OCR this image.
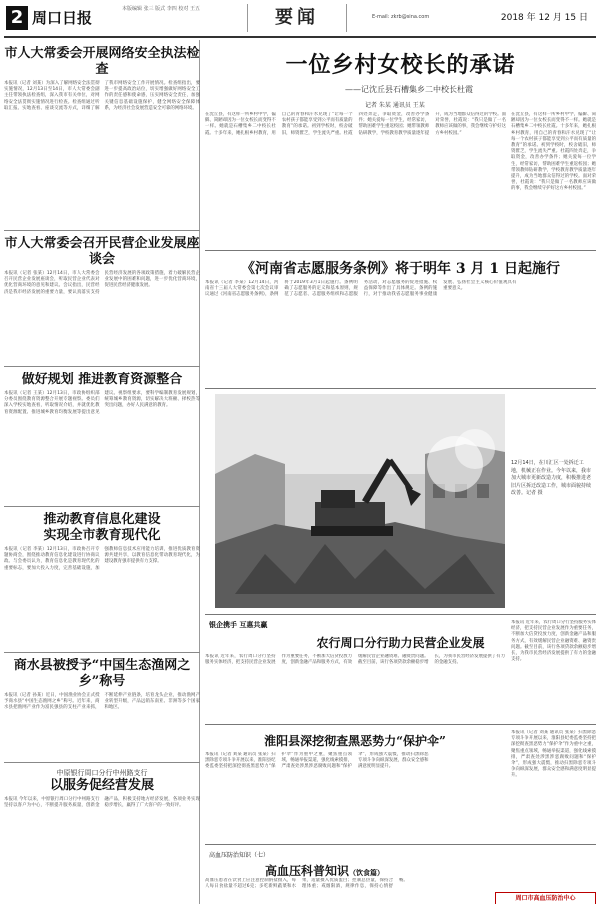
2 周口日报	本版编辑 张三 版式 李四 校对 王五	要闻	E-mail: zkrb@sina.com	2018 年 12 月 15 日
市人大常委会开展网络安全执法检查
本报讯（记者 刘某）为深入了解网络安全法贯彻实施情况，12月13日至14日，市人大常委会副主任带领执法检查组，深入我市有关单位，对网络安全法贯彻实施情况进行检查。检查组通过听取汇报、实地查看、座谈交流等方式，详细了解了我市网络安全工作开展情况。检查组指出，要进一步提高政治站位，切实增强做好网络安全工作的责任感和使命感，压实网络安全责任，加强关键信息基础设施保护，健全网络安全保障体系，为经济社会发展营造安全可靠的网络环境。
市人大常委会召开民营企业发展座谈会
本报讯（记者 张某）12月14日，市人大常委会召开民营企业发展座谈会，听取民营企业代表对优化营商环境的意见和建议。会议指出，民营经济是我市经济发展的重要力量，要认真落实支持民营经济发展的各项政策措施，着力破解民营企业发展中的困难和问题，进一步优化营商环境，促进民营经济健康发展。
做好规划 推进教育资源整合
本报讯（记者 王某）12月13日，市政协组织部分委员围绕教育资源整合开展专题视察。委员们深入学校实地查看，听取情况介绍，并就优化教育资源配置、推进城乡教育均衡发展等提出意见建议。视察组要求，要科学编制教育发展规划，统筹城乡教育资源，切实解决大班额、择校热等突出问题，办好人民满意的教育。
推动教育信息化建设
实现全市教育现代化
本报讯（记者 李某）12月13日，市政协召开专题协商会，围绕推动教育信息化建设进行协商议政。与会委员认为，教育信息化是教育现代化的重要标志，要加大投入力度，完善基础设施，加强教师信息技术应用能力培训，推进优质教育资源共建共享，以教育信息化带动教育现代化，为建设教育强市提供有力支撑。
商水县被授予“中国生态渔网之乡”称号
本报讯（记者 孙某）近日，中国渔业协会正式授予商水县“中国生态渔网之乡”称号。近年来，商水县把渔网产业作为富民强县的支柱产业来抓，不断延伸产业链条，培育龙头企业，推动渔网产业转型升级，产品远销东南亚、非洲等多个国家和地区。
中原银行周口分行中州路支行
以服务促经营发展
本报讯 今年以来，中原银行周口分行中州路支行坚持以客户为中心，不断提升服务质量，创新金融产品，积极支持地方经济发展，各项业务实现稳步增长，赢得了广大客户的一致好评。
一位乡村女校长的承诺
——记沈丘县石槽集乡二中校长杜霞
记者 朱某 通讯员 王某
在沈丘县，有这样一所乡村中学，偏僻、简陋却因为一位女校长而变得不一样。她就是石槽集乡二中校长杜霞。十多年来，她扎根乡村教育，用自己的青春和汗水兑现了“让每一个农村孩子都能享受到公平而有质量的教育”的承诺。初到学校时，校舍破旧，师资匮乏，学生流失严重。杜霞四处奔走，争取资金，改善办学条件；她关爱每一位学生，经常家访，帮助困难学生重返校园；她带领教师钻研教学，学校教育教学质量逐年提升，成为当地群众信得过的学校。面对荣誉，杜霞说：“我只是做了一名教师应该做的事，我会继续守护好这方乡村校园。”
在沈丘县，有这样一所乡村中学，偏僻、简陋却因为一位女校长而变得不一样。她就是石槽集乡二中校长杜霞。十多年来，她扎根乡村教育，用自己的青春和汗水兑现了“让每一个农村孩子都能享受到公平而有质量的教育”的承诺。初到学校时，校舍破旧，师资匮乏，学生流失严重。杜霞四处奔走，争取资金，改善办学条件；她关爱每一位学生，经常家访，帮助困难学生重返校园；她带领教师钻研教学，学校教育教学质量逐年提升，成为当地群众信得过的学校。面对荣誉，杜霞说：“我只是做了一名教师应该做的事，我会继续守护好这方乡村校园。”
《河南省志愿服务条例》将于明年 3 月 1 日起施行
本报讯（记者 李某）12月14日，河南省十三届人大常委会第七次会议审议通过《河南省志愿服务条例》，条例将于2019年3月1日起施行。条例明确了志愿服务的定义和基本原则，规范了志愿者、志愿服务组织和志愿服务活动，对志愿服务的促进措施、权益保障等作出了具体规定。条例的施行，对于推动我省志愿服务事业健康发展、弘扬社会主义核心价值观具有重要意义。
12月14日，在川汇区一处拆迁工地，机械正在作业。今年以来，我市加大城市更新改造力度，积极推进老旧片区拆迁改造工作，城市面貌持续改善。记者 摄
银企携手 互惠共赢
农行周口分行助力民营企业发展
本报讯 近年来，农行周口分行坚持服务实体经济，把支持民营企业发展作为重要任务，不断加大信贷投放力度，创新金融产品和服务方式，有效缓解民营企业融资难、融资贵问题。截至目前，该行各项贷款余额稳步增长，为我市民营经济发展提供了有力的金融支持。
本报讯 近年来，农行周口分行坚持服务实体经济，把支持民营企业发展作为重要任务，不断加大信贷投放力度，创新金融产品和服务方式，有效缓解民营企业融资难、融资贵问题。截至目前，该行各项贷款余额稳步增长，为我市民营经济发展提供了有力的金融支持。
淮阳县深挖彻查黑恶势力“保护伞”
本报讯（记者 刘某 通讯员 张某）扫黑除恶专项斗争开展以来，淮阳县纪委监委坚持把深挖彻查黑恶势力“保护伞”作为重中之重，聚焦重点领域，畅通举报渠道，强化线索摸排，严肃查处涉黑涉恶腐败问题和“保护伞”，形成强大震慑，推动扫黑除恶专项斗争向纵深发展，群众安全感和满意度明显提升。
本报讯（记者 刘某 通讯员 张某）扫黑除恶专项斗争开展以来，淮阳县纪委监委坚持把深挖彻查黑恶势力“保护伞”作为重中之重，聚焦重点领域，畅通举报渠道，强化线索摸排，严肃查处涉黑涉恶腐败问题和“保护伞”，形成强大震慑，推动扫黑除恶专项斗争向纵深发展，群众安全感和满意度明显提升。
高血压防治知识（七）
高血压科普知识（饮食篇）
高血压患者在饮食上应注意控制钠盐摄入，每人每日食盐量不超过6克；多吃新鲜蔬菜和水果，适量摄入优质蛋白；控制总热量，保持合理体重；戒烟限酒，规律作息，保持心情舒畅。
周口市高血压防治中心
